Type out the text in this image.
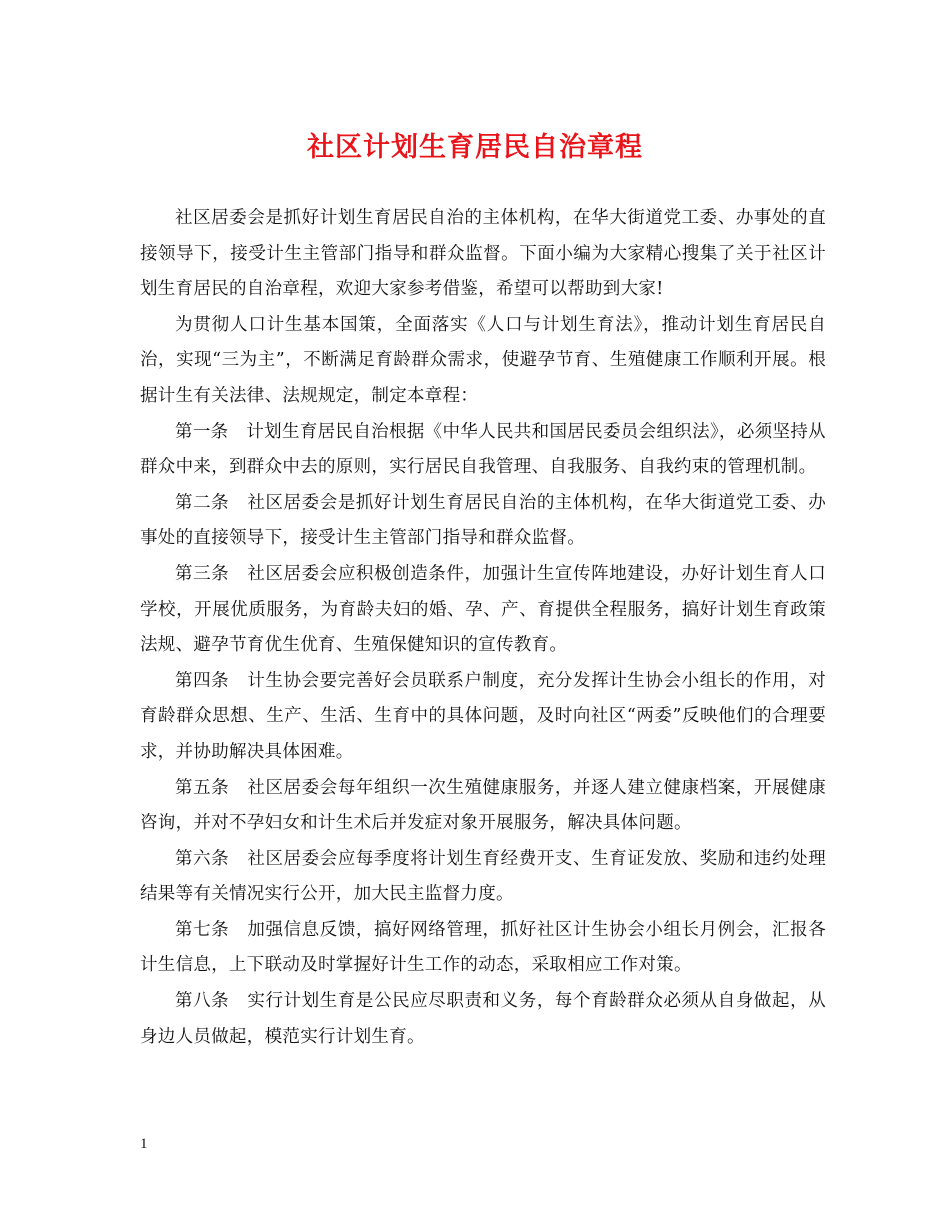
社区计划生育居民自治章程

社区居委会是抓好计划生育居民自治的主体机构，在华大街道党工委、办事处的直接领导下，接受计生主管部门指导和群众监督。下面小编为大家精心搜集了关于社区计划生育居民的自治章程，欢迎大家参考借鉴，希望可以帮助到大家!

为贯彻人口计生基本国策，全面落实《人口与计划生育法》，推动计划生育居民自治，实现“三为主”，不断满足育龄群众需求，使避孕节育、生殖健康工作顺利开展。根据计生有关法律、法规规定，制定本章程：

第一条　计划生育居民自治根据《中华人民共和国居民委员会组织法》，必须坚持从群众中来，到群众中去的原则，实行居民自我管理、自我服务、自我约束的管理机制。

第二条　社区居委会是抓好计划生育居民自治的主体机构，在华大街道党工委、办事处的直接领导下，接受计生主管部门指导和群众监督。

第三条　社区居委会应积极创造条件，加强计生宣传阵地建设，办好计划生育人口学校，开展优质服务，为育龄夫妇的婚、孕、产、育提供全程服务，搞好计划生育政策法规、避孕节育优生优育、生殖保健知识的宣传教育。

第四条　计生协会要完善好会员联系户制度，充分发挥计生协会小组长的作用，对育龄群众思想、生产、生活、生育中的具体问题，及时向社区“两委”反映他们的合理要求，并协助解决具体困难。

第五条　社区居委会每年组织一次生殖健康服务，并逐人建立健康档案，开展健康咨询，并对不孕妇女和计生术后并发症对象开展服务，解决具体问题。

第六条　社区居委会应每季度将计划生育经费开支、生育证发放、奖励和违约处理结果等有关情况实行公开，加大民主监督力度。

第七条　加强信息反馈，搞好网络管理，抓好社区计生协会小组长月例会，汇报各计生信息，上下联动及时掌握好计生工作的动态，采取相应工作对策。

第八条　实行计划生育是公民应尽职责和义务，每个育龄群众必须从自身做起，从身边人员做起，模范实行计划生育。

1
